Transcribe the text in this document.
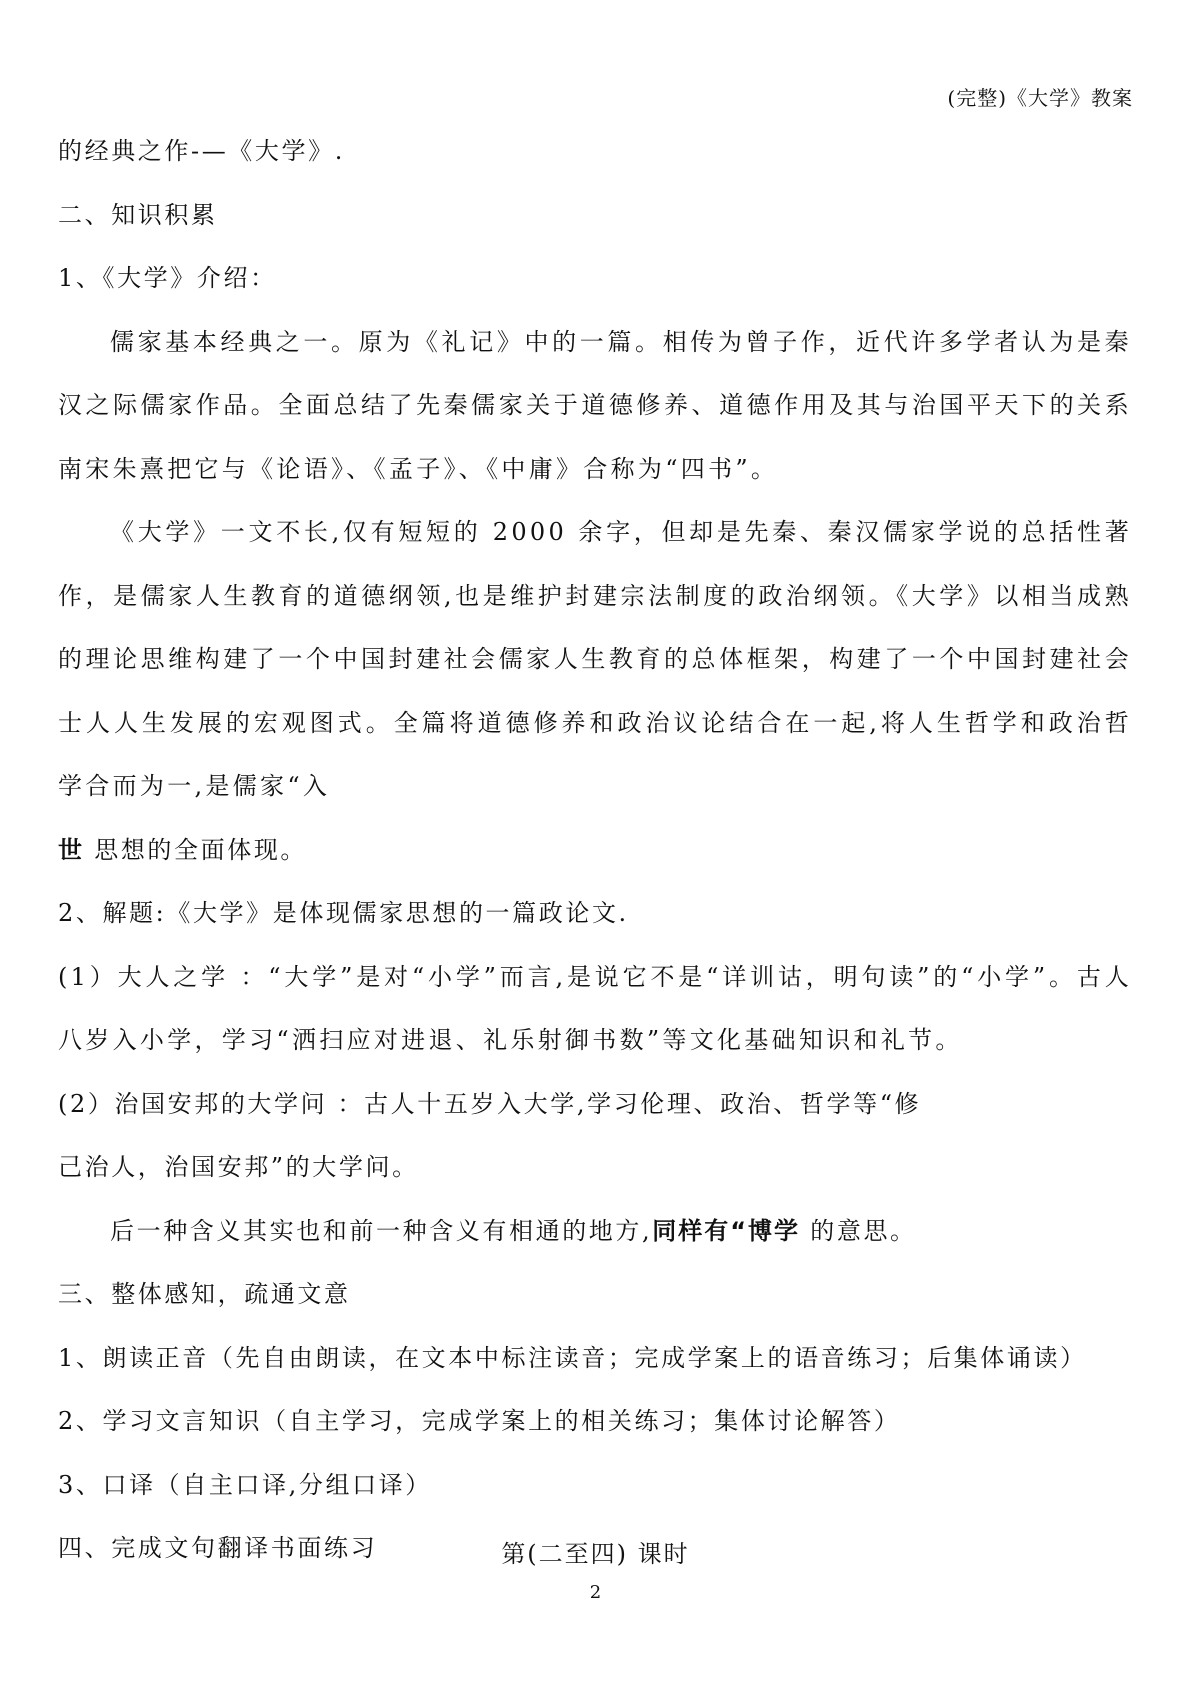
(完整)《大学》教案
的经典之作-—《大学》.
二、知识积累
1、《大学》介绍：
儒家基本经典之一。原为《礼记》中的一篇。相传为曾子作，近代许多学者认为是秦汉之际儒家作品。全面总结了先秦儒家关于道德修养、道德作用及其与治国平天下的关系南宋朱熹把它与《论语》、《孟子》、《中庸》合称为“四书”。
《大学》一文不长,仅有短短的 2000 余字，但却是先秦、秦汉儒家学说的总括性著作，是儒家人生教育的道德纲领,也是维护封建宗法制度的政治纲领。《大学》以相当成熟的理论思维构建了一个中国封建社会儒家人生教育的总体框架，构建了一个中国封建社会士人人生发展的宏观图式。全篇将道德修养和政治议论结合在一起,将人生哲学和政治哲学合而为一,是儒家“入
世 思想的全面体现。
2、解题:《大学》是体现儒家思想的一篇政论文.
(1）大人之学 ：“大学”是对“小学”而言,是说它不是“详训诂，明句读”的“小学”。古人八岁入小学，学习“洒扫应对进退、礼乐射御书数”等文化基础知识和礼节。
(2）治国安邦的大学问 ：古人十五岁入大学,学习伦理、政治、哲学等“修
己治人，治国安邦”的大学问。
后一种含义其实也和前一种含义有相通的地方,同样有“博学 的意思。
三、整体感知，疏通文意
1、朗读正音（先自由朗读，在文本中标注读音；完成学案上的语音练习；后集体诵读）
2、学习文言知识（自主学习，完成学案上的相关练习；集体讨论解答）
3、口译（自主口译,分组口译）
四、完成文句翻译书面练习	第(二至四) 课时
2
